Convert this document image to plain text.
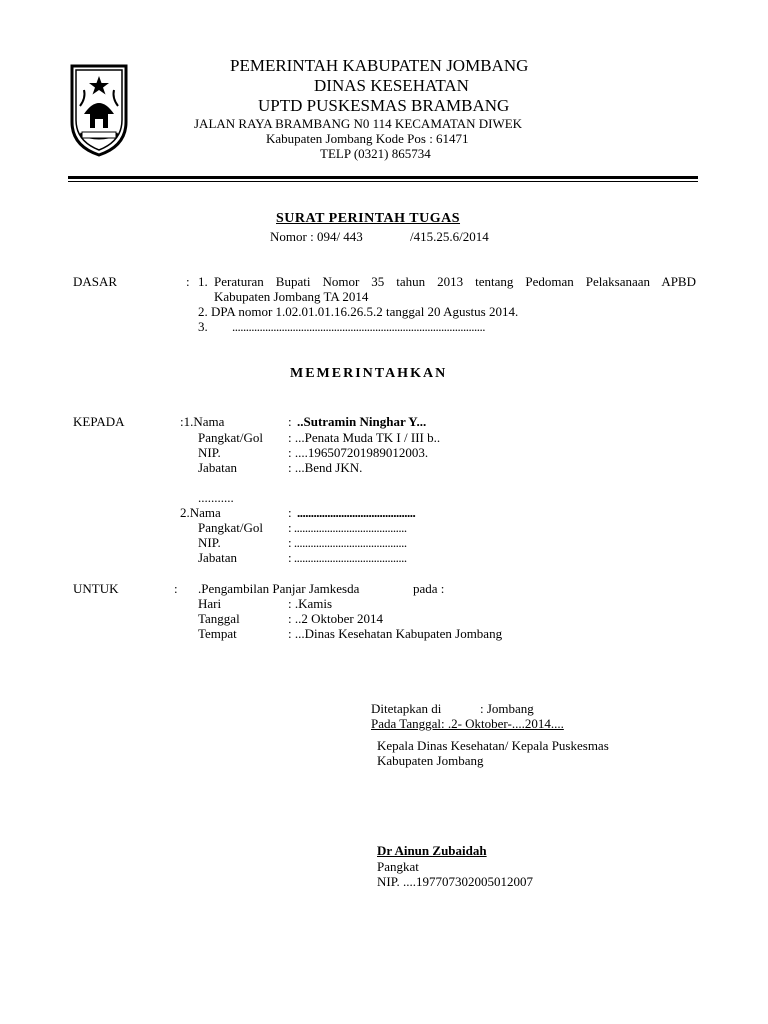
PEMERINTAH KABUPATEN JOMBANG
DINAS KESEHATAN
UPTD PUSKESMAS BRAMBANG
JALAN RAYA BRAMBANG N0 114 KECAMATAN DIWEK
Kabupaten Jombang Kode Pos : 61471
TELP (0321) 865734
SURAT PERINTAH TUGAS
Nomor : 094/ 443	/415.25.6/2014
DASAR	: 1. Peraturan Bupati Nomor 35 tahun 2013 tentang Pedoman Pelaksanaan APBD
Kabupaten Jombang TA 2014
2. DPA nomor 1.02.01.01.16.26.5.2 tanggal 20 Agustus 2014.
3. ............................................................................................
MEMERINTAHKAN
KEPADA	:1.Nama	: ..Sutramin Ninghar Y...
Pangkat/Gol : ...Penata Muda TK I / III b..
NIP.	: ....196507201989012003.
Jabatan	: ...Bend JKN.
...........
2.Nama	: ...........................................
Pangkat/Gol : .........................................
NIP.	: .........................................
Jabatan	: .........................................
UNTUK	: .Pengambilan Panjar Jamkesda	pada :
Hari	: .Kamis
Tanggal	: ..2 Oktober 2014
Tempat	: ...Dinas Kesehatan Kabupaten Jombang
Ditetapkan di	: Jombang
Pada Tanggal: .2- Oktober-....2014....
Kepala Dinas Kesehatan/ Kepala Puskesmas
Kabupaten Jombang
Dr Ainun Zubaidah
Pangkat
NIP. ....197707302005012007
